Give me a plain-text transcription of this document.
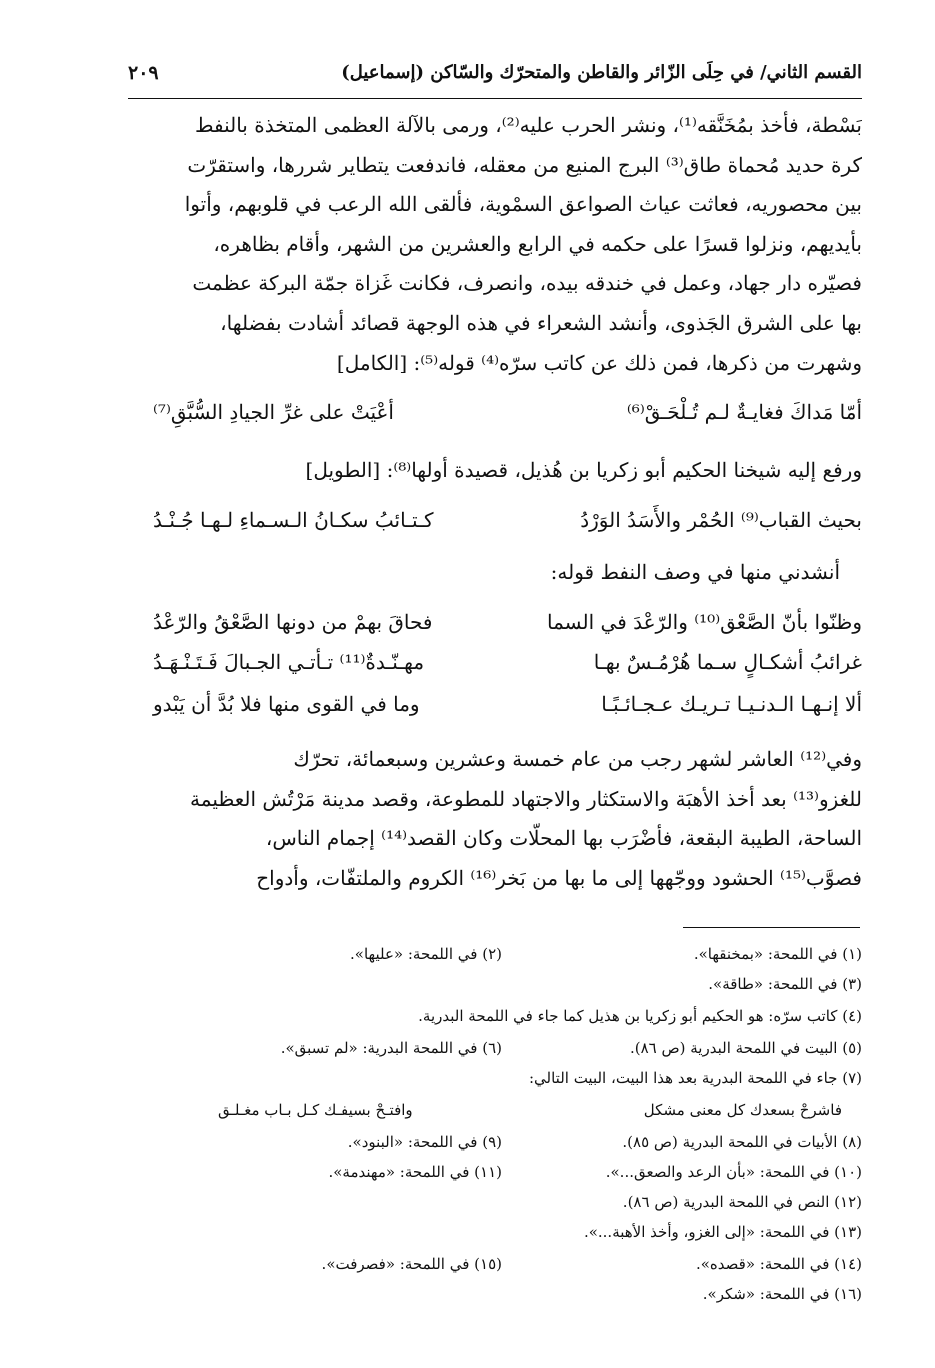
القسم الثاني/ في حِلَى الزّائر والقاطن والمتحرّك والسّاكن (إسماعيل)
٢٠٩
بَسْطة، فأخذ بمُخَنَّقه⁽¹⁾، ونشر الحرب عليه⁽²⁾، ورمى بالآلة العظمى المتخذة بالنفط
كرة حديد مُحماة طاق⁽³⁾ البرج المنيع من معقله، فاندفعت يتطاير شررها، واستقرّت
بين محصوريه، فعاثت عياث الصواعق السمْوية، فألقى الله الرعب في قلوبهم، وأتوا
بأيديهم، ونزلوا قسرًا على حكمه في الرابع والعشرين من الشهر، وأقام بظاهره،
فصيّره دار جهاد، وعمل في خندقه بيده، وانصرف، فكانت غَزاة جمّة البركة عظمت
بها على الشرق الجَذوى، وأنشد الشعراء في هذه الوجهة قصائد أشادت بفضلها،
وشهرت من ذكرها، فمن ذلك عن كاتب سرّه⁽⁴⁾ قوله⁽⁵⁾: [الكامل]
أمّا مَداكَ فغايـةٌ لـم تُـلْحَـقْ⁽⁶⁾
أعْيَتْ على غرِّ الجيادِ السُّبَّقِ⁽⁷⁾
ورفع إليه شيخنا الحكيم أبو زكريا بن هُذيل، قصيدة أولها⁽⁸⁾: [الطويل]
بحيث القباب⁽⁹⁾ الحُمْر والأَسَدُ الوَرْدُ
كـتـائبُ سكـانُ الـسـماءِ لـهـا جُـنْـدُ
أنشدني منها في وصف النفط قوله:
وظنّوا بأنّ الصَّعْق⁽¹⁰⁾ والرّعْدَ في السما
فحاقَ بهمْ من دونها الصَّعْقُ والرّعْدُ
غرائبُ أشكـالٍ سـما هُرْمُـسٌ بهـا
مهـنّـدةٌ⁽¹¹⁾ تـأتـي الجـبالَ فَـتَـنْـهَـدُ
ألا إنـهـا الـدنـيـا تـريـك عـجـائـبًـا
وما في القوى منها فلا بُدَّ أن يَبْدو
وفي⁽¹²⁾ العاشر لشهر رجب من عام خمسة وعشرين وسبعمائة، تحرّك
للغزو⁽¹³⁾ بعد أخذ الأهبَة والاستكثار والاجتهاد للمطوعة، وقصد مدينة مَرْتُش العظيمة
الساحة، الطيبة البقعة، فأضْرَب بها المحلّات وكان القصد⁽¹⁴⁾ إجمام الناس،
فصوَّب⁽¹⁵⁾ الحشود ووجّهها إلى ما بها من بَخر⁽¹⁶⁾ الكروم والملتفّات، وأدواح
(١) في اللمحة: «بمخنقها».
(٢) في اللمحة: «عليها».
(٣) في اللمحة: «طاقة».
(٤) كاتب سرّه: هو الحكيم أبو زكريا بن هذيل كما جاء في اللمحة البدرية.
(٥) البيت في اللمحة البدرية (ص ٨٦).
(٦) في اللمحة البدرية: «لم تسبق».
(٧) جاء في اللمحة البدرية بعد هذا البيت، البيت التالي:
فاشرحْ بسعدك كل معنى مشكل
وافتـحْ بسيفـك كـل بـاب مغـلـق
(٨) الأبيات في اللمحة البدرية (ص ٨٥).
(٩) في اللمحة: «البنود».
(١٠) في اللمحة: «بأن الرعد والصعق...».
(١١) في اللمحة: «مهندمة».
(١٢) النص في اللمحة البدرية (ص ٨٦).
(١٣) في اللمحة: «إلى الغزو، وأخذ الأهبة...».
(١٤) في اللمحة: «قصده».
(١٥) في اللمحة: «فصرفت».
(١٦) في اللمحة: «شكر».
